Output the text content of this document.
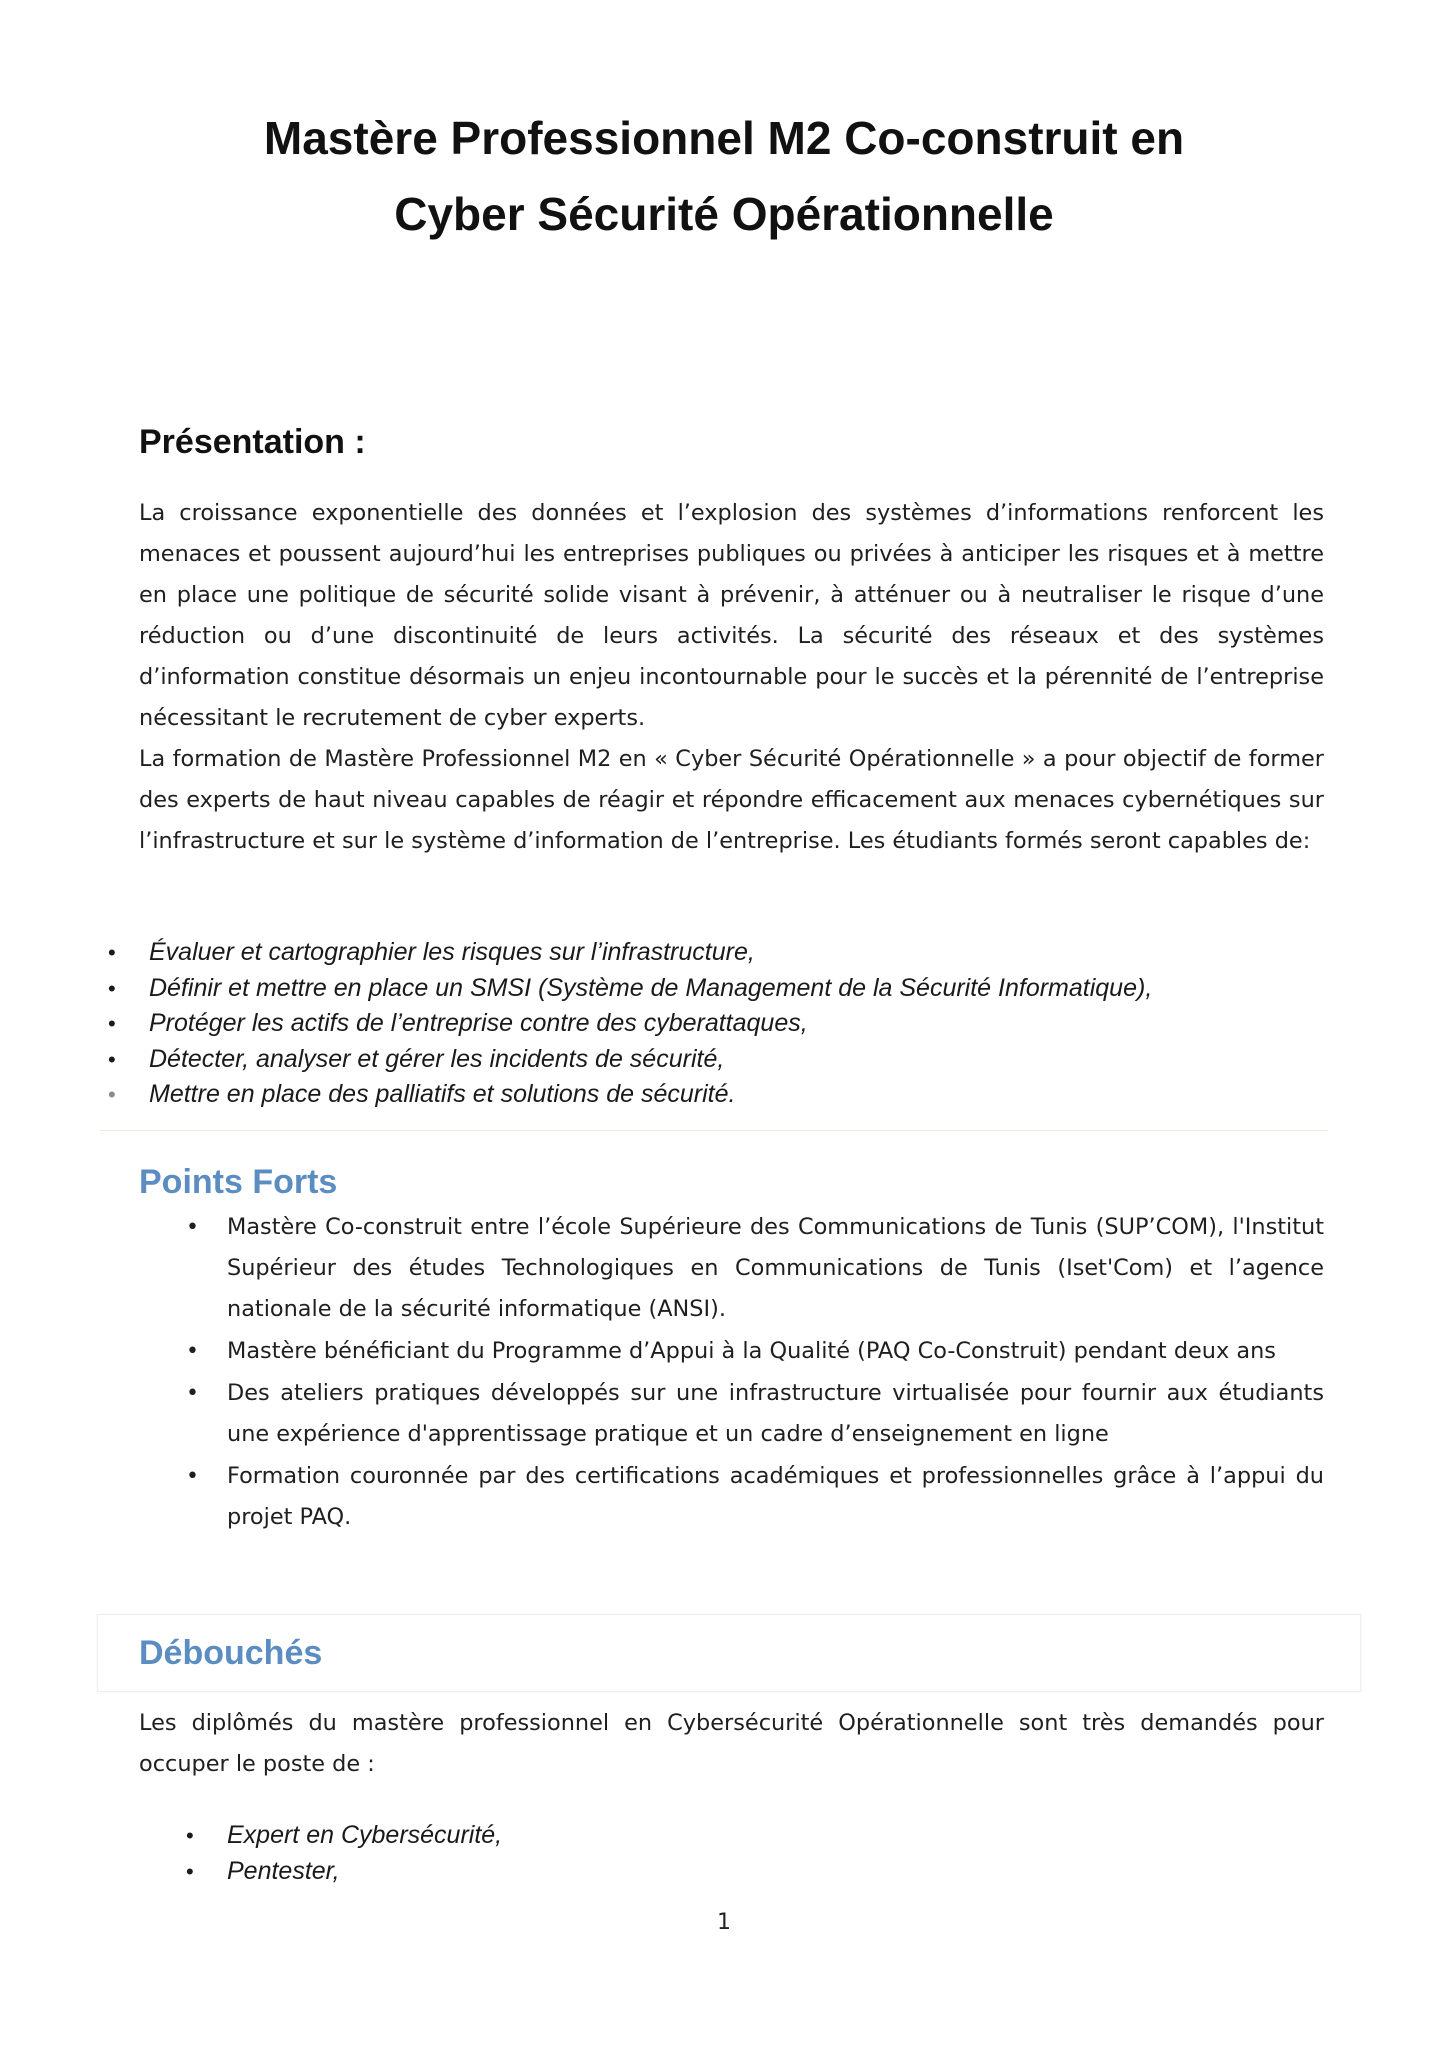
Mastère Professionnel M2 Co-construit en
Cyber Sécurité Opérationnelle
Présentation :

La croissance exponentielle des données et l’explosion des systèmes d’informations renforcent les menaces et poussent aujourd’hui les entreprises publiques ou privées à anticiper les risques et à mettre en place une politique de sécurité solide visant à prévenir, à atténuer ou à neutraliser le risque d’une réduction ou d’une discontinuité de leurs activités. La sécurité des réseaux et des systèmes d’information constitue désormais un enjeu incontournable pour le succès et la pérennité de l’entreprise nécessitant le recrutement de cyber experts.

La formation de Mastère Professionnel M2 en « Cyber Sécurité Opérationnelle » a pour objectif de former des experts de haut niveau capables de réagir et répondre efficacement aux menaces cybernétiques sur l’infrastructure et sur le système d’information de l’entreprise. Les étudiants formés seront capables de:

• Évaluer et cartographier les risques sur l’infrastructure,
• Définir et mettre en place un SMSI (Système de Management de la Sécurité Informatique),
• Protéger les actifs de l’entreprise contre des cyberattaques,
• Détecter, analyser et gérer les incidents de sécurité,
• Mettre en place des palliatifs et solutions de sécurité.
Points Forts
• Mastère Co-construit entre l’école Supérieure des Communications de Tunis (SUP’COM), l'Institut Supérieur des études Technologiques en Communications de Tunis (Iset'Com) et l’agence nationale de la sécurité informatique (ANSI).
• Mastère bénéficiant du Programme d’Appui à la Qualité (PAQ Co-Construit) pendant deux ans
• Des ateliers pratiques développés sur une infrastructure virtualisée pour fournir aux étudiants une expérience d'apprentissage pratique et un cadre d’enseignement en ligne
• Formation couronnée par des certifications académiques et professionnelles grâce à l’appui du projet PAQ.
Débouchés

Les diplômés du mastère professionnel en Cybersécurité Opérationnelle sont très demandés pour occuper le poste de :

• Expert en Cybersécurité,
• Pentester,
1
